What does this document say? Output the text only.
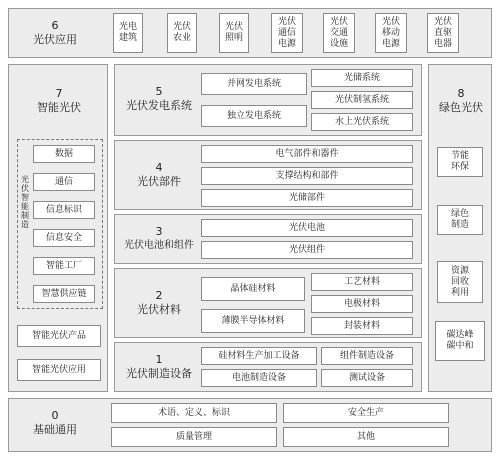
6
光伏应用
光电
建筑
光伏
农业
光伏
照明
光伏
通信
电源
光伏
交通
设施
光伏
移动
电源
光伏
直驱
电器
7
智能光伏
光
伏
智
能
制
造
数据
通信
信息标识
信息安全
智能工厂
智慧供应链
智能光伏产品
智能光伏应用
8
绿色光伏
节能
环保
绿色
制造
资源
回收
利用
碳达峰
碳中和
5
光伏发电系统
并网发电系统
独立发电系统
光储系统
光伏制氢系统
水上光伏系统
4
光伏部件
电气部件和器件
支撑结构和部件
光储部件
3
光伏电池和组件
光伏电池
光伏组件
2
光伏材料
晶体硅材料
薄膜半导体材料
工艺材料
电极材料
封装材料
1
光伏制造设备
硅材料生产加工设备	组件制造设备
电池制造设备	测试设备
0
基础通用
术语、定义、标识	安全生产
质量管理	其他
